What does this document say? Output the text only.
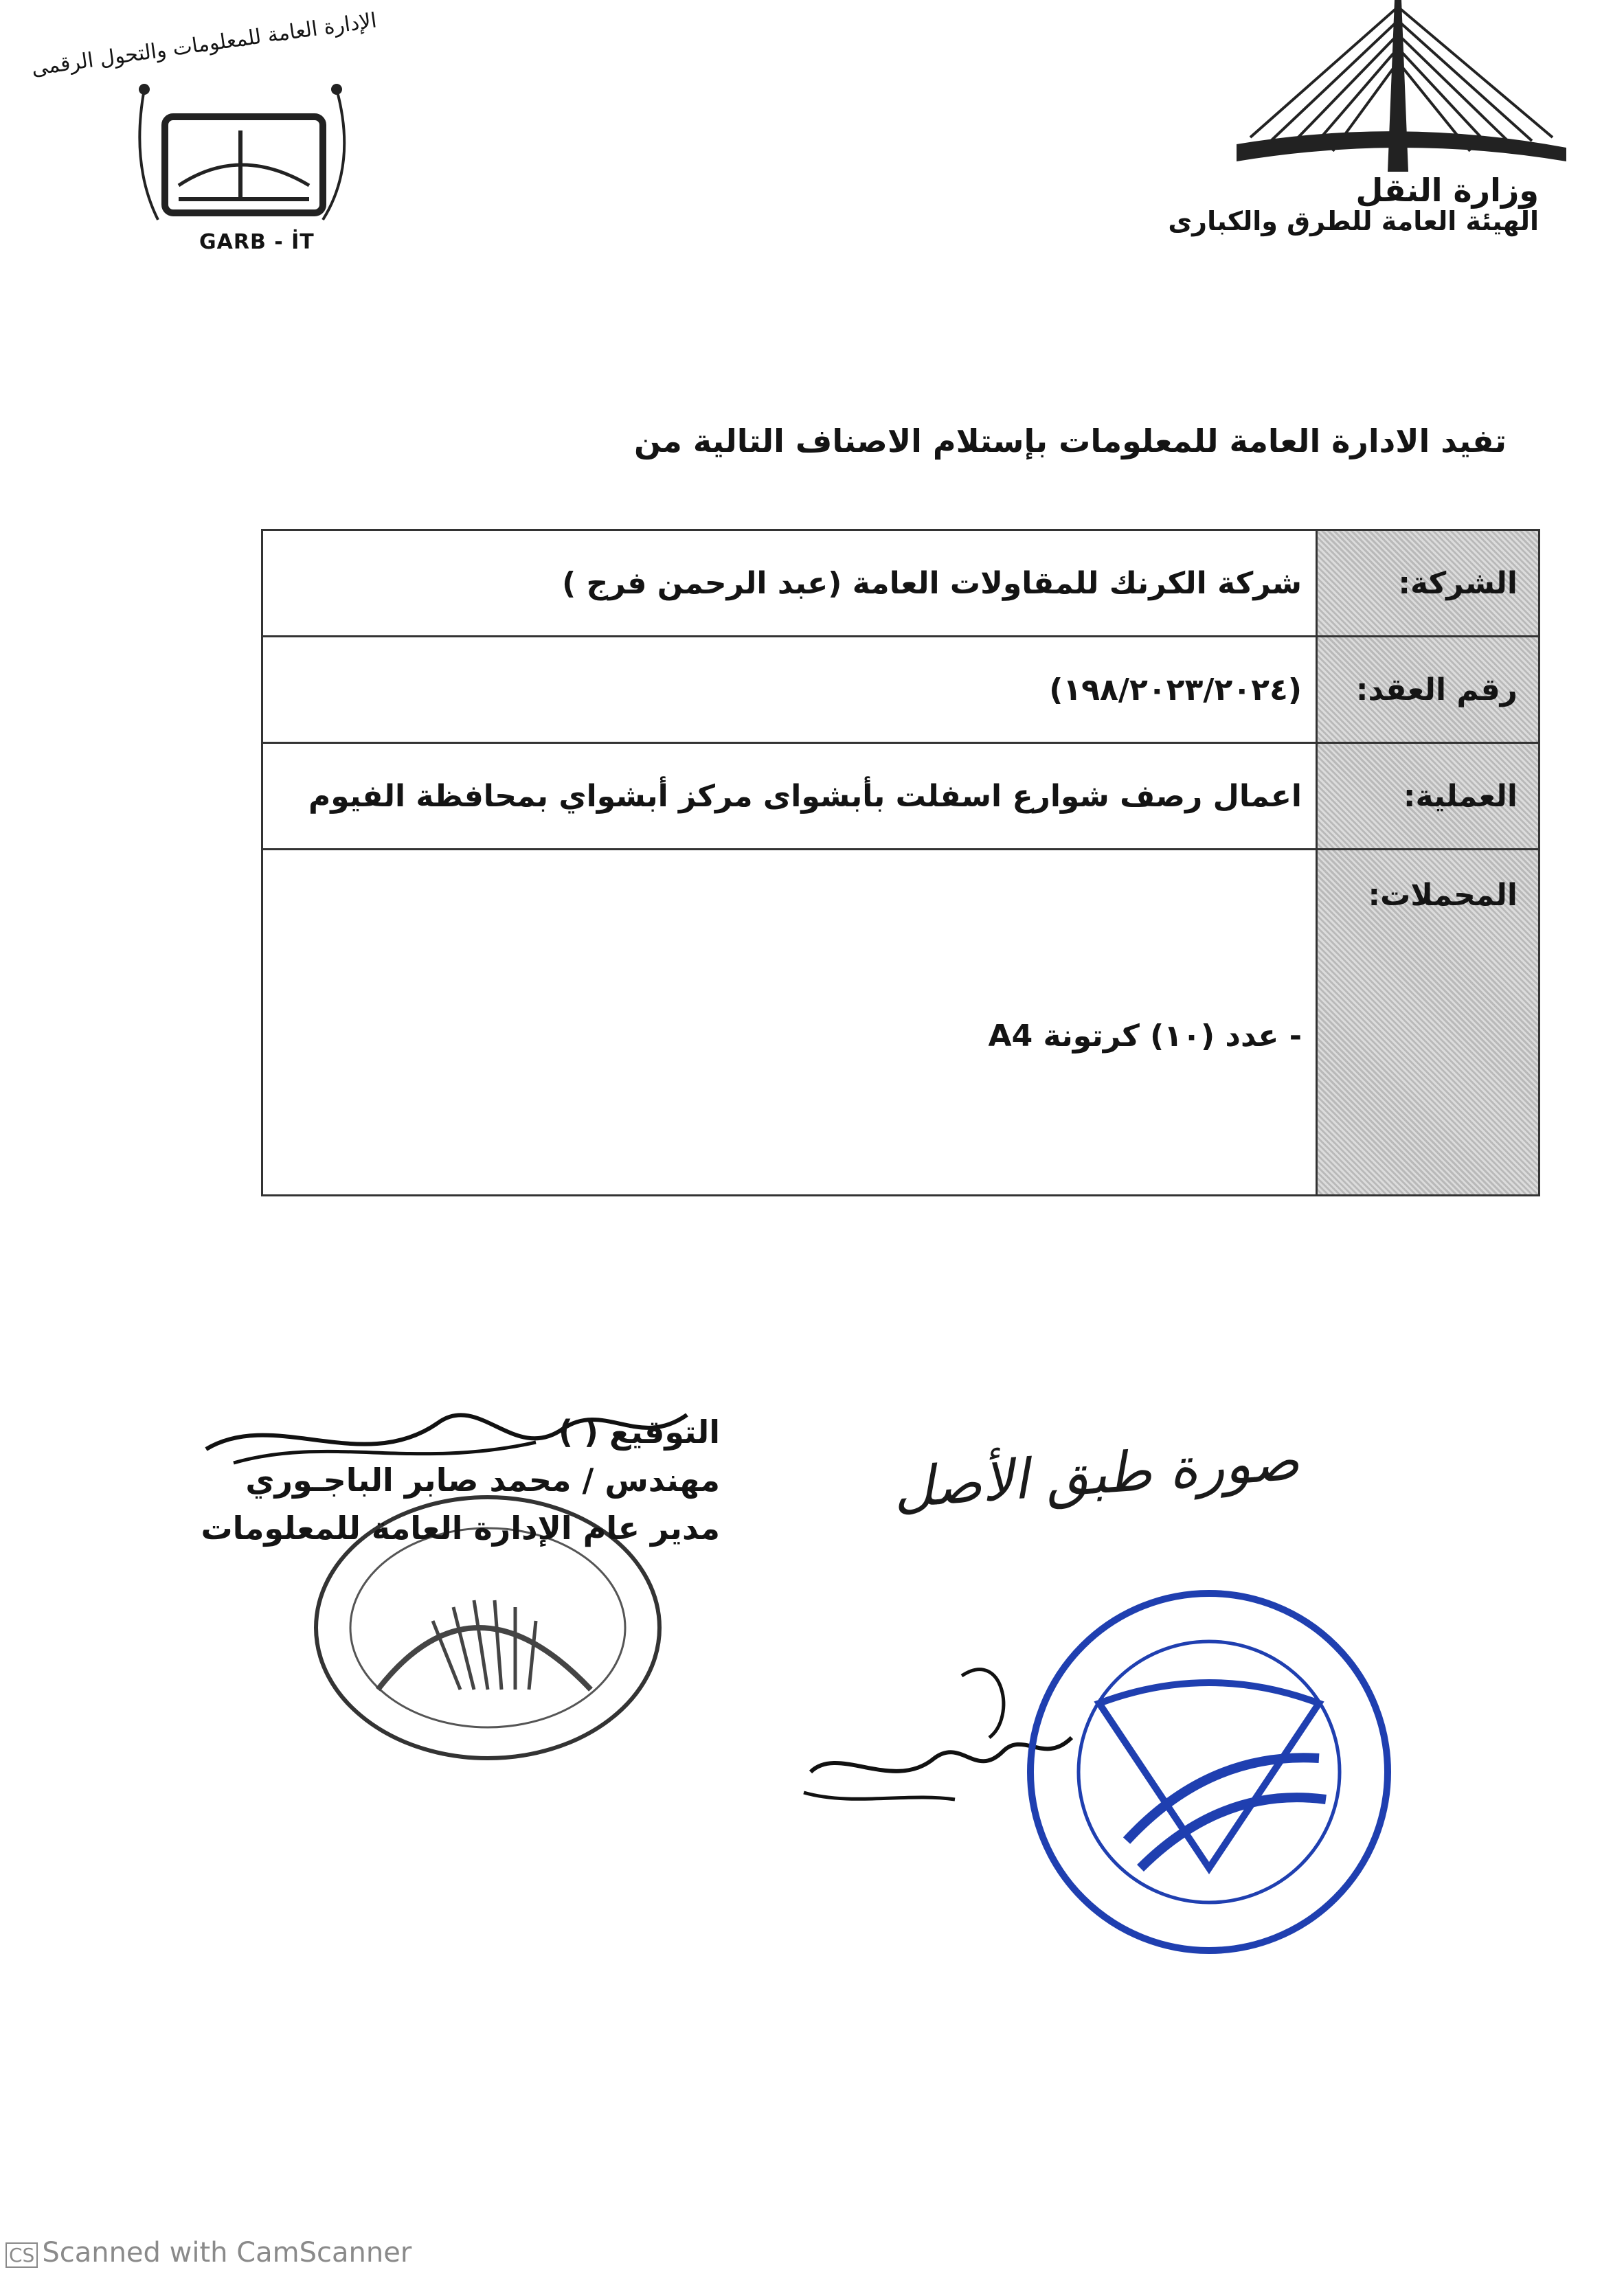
وزارة النقل
الهيئة العامة للطرق والكبارى
الإدارة العامة للمعلومات والتحول الرقمى
GARB - İT
تفيد الادارة العامة للمعلومات بإستلام الاصناف التالية من
الشركة:	شركة الكرنك للمقاولات العامة (عبد الرحمن فرج )
رقم العقد:	(١٩٨/٢٠٢٣/٢٠٢٤)
العملية:	اعمال رصف شوارع اسفلت بأبشواى مركز أبشواي بمحافظة الفيوم
المحملات:	- عدد (١٠) كرتونة A4
التوقيع ( )
مهندس / محمد صابر الباجـوري
مدير عام الإدارة العامة للمعلومات
صورة طبق الأصل
CS Scanned with CamScanner
